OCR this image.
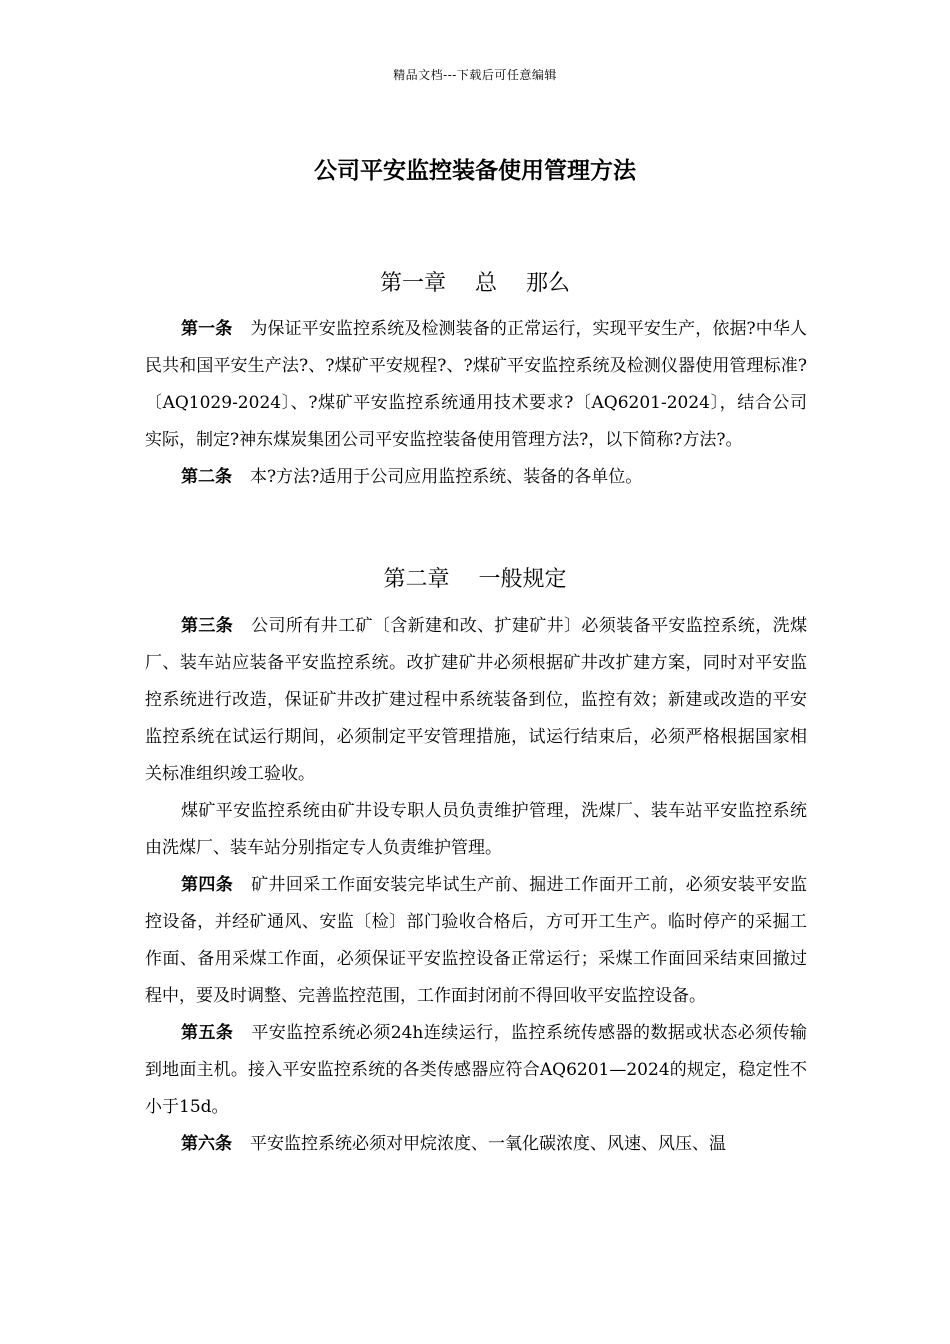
精品文档---下载后可任意编辑
公司平安监控装备使用管理方法
第一章　 总　 那么

第一条 为保证平安监控系统及检测装备的正常运行，实现平安生产，依据?中华人民共和国平安生产法?、?煤矿平安规程?、?煤矿平安监控系统及检测仪器使用管理标准?〔AQ1029-2024〕、?煤矿平安监控系统通用技术要求?〔AQ6201-2024〕，结合公司实际，制定?神东煤炭集团公司平安监控装备使用管理方法?，以下简称?方法?。

第二条 本?方法?适用于公司应用监控系统、装备的各单位。

第二章　 一般规定

第三条 公司所有井工矿〔含新建和改、扩建矿井〕必须装备平安监控系统，洗煤厂、装车站应装备平安监控系统。改扩建矿井必须根据矿井改扩建方案，同时对平安监控系统进行改造，保证矿井改扩建过程中系统装备到位，监控有效；新建或改造的平安监控系统在试运行期间，必须制定平安管理措施，试运行结束后，必须严格根据国家相关标准组织竣工验收。

煤矿平安监控系统由矿井设专职人员负责维护管理，洗煤厂、装车站平安监控系统由洗煤厂、装车站分别指定专人负责维护管理。

第四条 矿井回采工作面安装完毕试生产前、掘进工作面开工前，必须安装平安监控设备，并经矿通风、安监〔检〕部门验收合格后，方可开工生产。临时停产的采掘工作面、备用采煤工作面，必须保证平安监控设备正常运行；采煤工作面回采结束回撤过程中，要及时调整、完善监控范围，工作面封闭前不得回收平安监控设备。

第五条 平安监控系统必须24h连续运行，监控系统传感器的数据或状态必须传输到地面主机。接入平安监控系统的各类传感器应符合AQ6201—2024的规定，稳定性不小于15d。

第六条 平安监控系统必须对甲烷浓度、一氧化碳浓度、风速、风压、温
